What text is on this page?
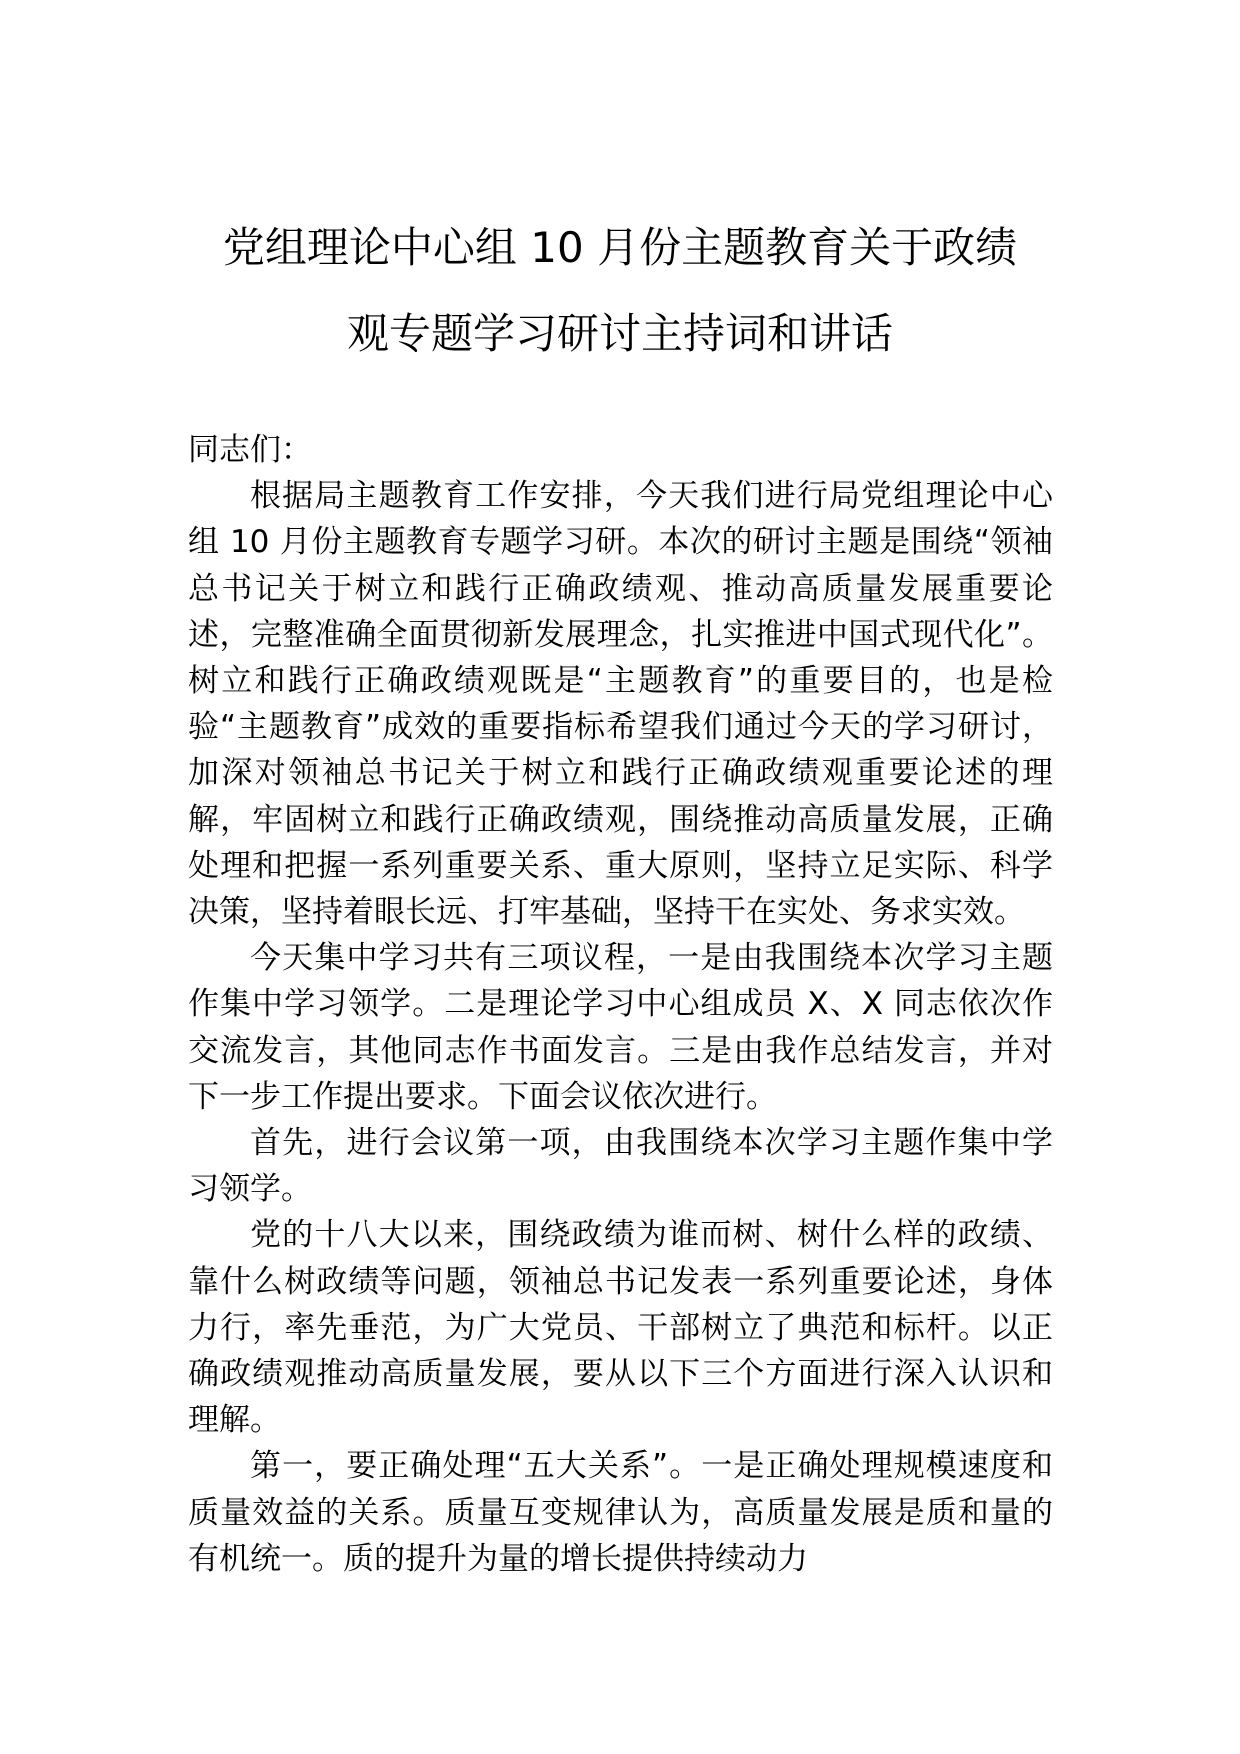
党组理论中心组 10 月份主题教育关于政绩
观专题学习研讨主持词和讲话

同志们：

根据局主题教育工作安排，今天我们进行局党组理论中心组 10 月份主题教育专题学习研。本次的研讨主题是围绕“领袖总书记关于树立和践行正确政绩观、推动高质量发展重要论述，完整准确全面贯彻新发展理念，扎实推进中国式现代化”。树立和践行正确政绩观既是“主题教育”的重要目的，也是检验“主题教育”成效的重要指标希望我们通过今天的学习研讨，加深对领袖总书记关于树立和践行正确政绩观重要论述的理解，牢固树立和践行正确政绩观，围绕推动高质量发展，正确处理和把握一系列重要关系、重大原则，坚持立足实际、科学决策，坚持着眼长远、打牢基础，坚持干在实处、务求实效。

今天集中学习共有三项议程，一是由我围绕本次学习主题作集中学习领学。二是理论学习中心组成员 X、X 同志依次作交流发言，其他同志作书面发言。三是由我作总结发言，并对下一步工作提出要求。下面会议依次进行。

首先，进行会议第一项，由我围绕本次学习主题作集中学习领学。

党的十八大以来，围绕政绩为谁而树、树什么样的政绩、靠什么树政绩等问题，领袖总书记发表一系列重要论述，身体力行，率先垂范，为广大党员、干部树立了典范和标杆。以正确政绩观推动高质量发展，要从以下三个方面进行深入认识和理解。

第一，要正确处理“五大关系”。一是正确处理规模速度和质量效益的关系。质量互变规律认为，高质量发展是质和量的有机统一。质的提升为量的增长提供持续动力
